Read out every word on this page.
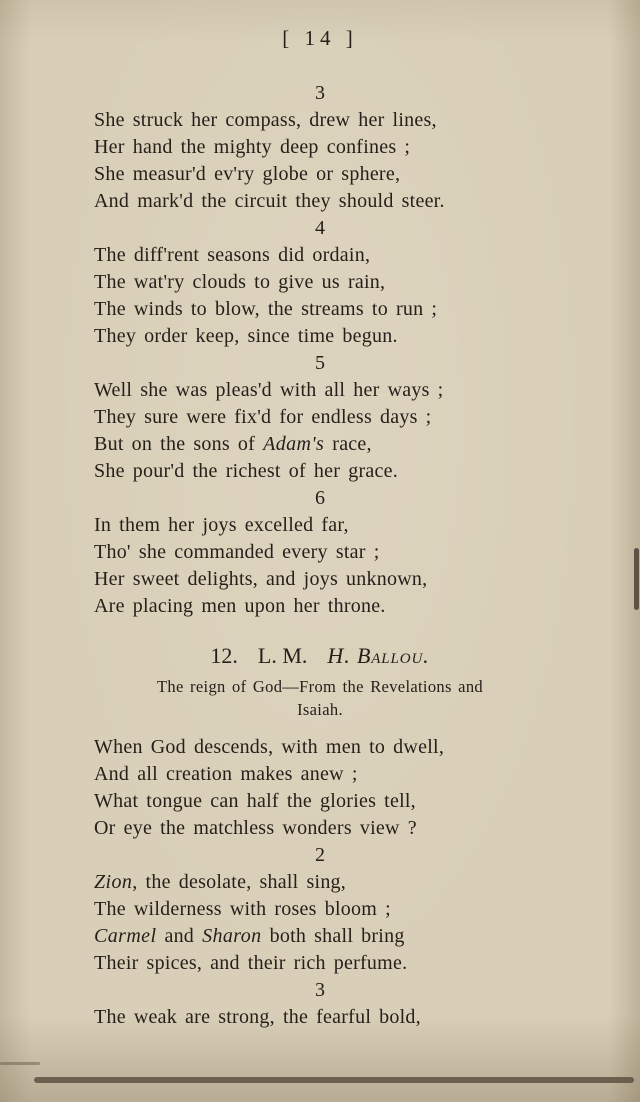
[ 14 ]
3
She struck her compass, drew her lines,
Her hand the mighty deep confines ;
She measur'd ev'ry globe or sphere,
And mark'd the circuit they should steer.
4
The diff'rent seasons did ordain,
The wat'ry clouds to give us rain,
The winds to blow, the streams to run ;
They order keep, since time begun.
5
Well she was pleas'd with all her ways ;
They sure were fix'd for endless days ;
But on the sons of Adam's race,
She pour'd the richest of her grace.
6
In them her joys excelled far,
Tho' she commanded every star ;
Her sweet delights, and joys unknown,
Are placing men upon her throne.
12. L. M. H. Ballou.
The reign of God—From the Revelations and
Isaiah.
When God descends, with men to dwell,
And all creation makes anew ;
What tongue can half the glories tell,
Or eye the matchless wonders view ?
2
Zion, the desolate, shall sing,
The wilderness with roses bloom ;
Carmel and Sharon both shall bring
Their spices, and their rich perfume.
3
The weak are strong, the fearful bold,
